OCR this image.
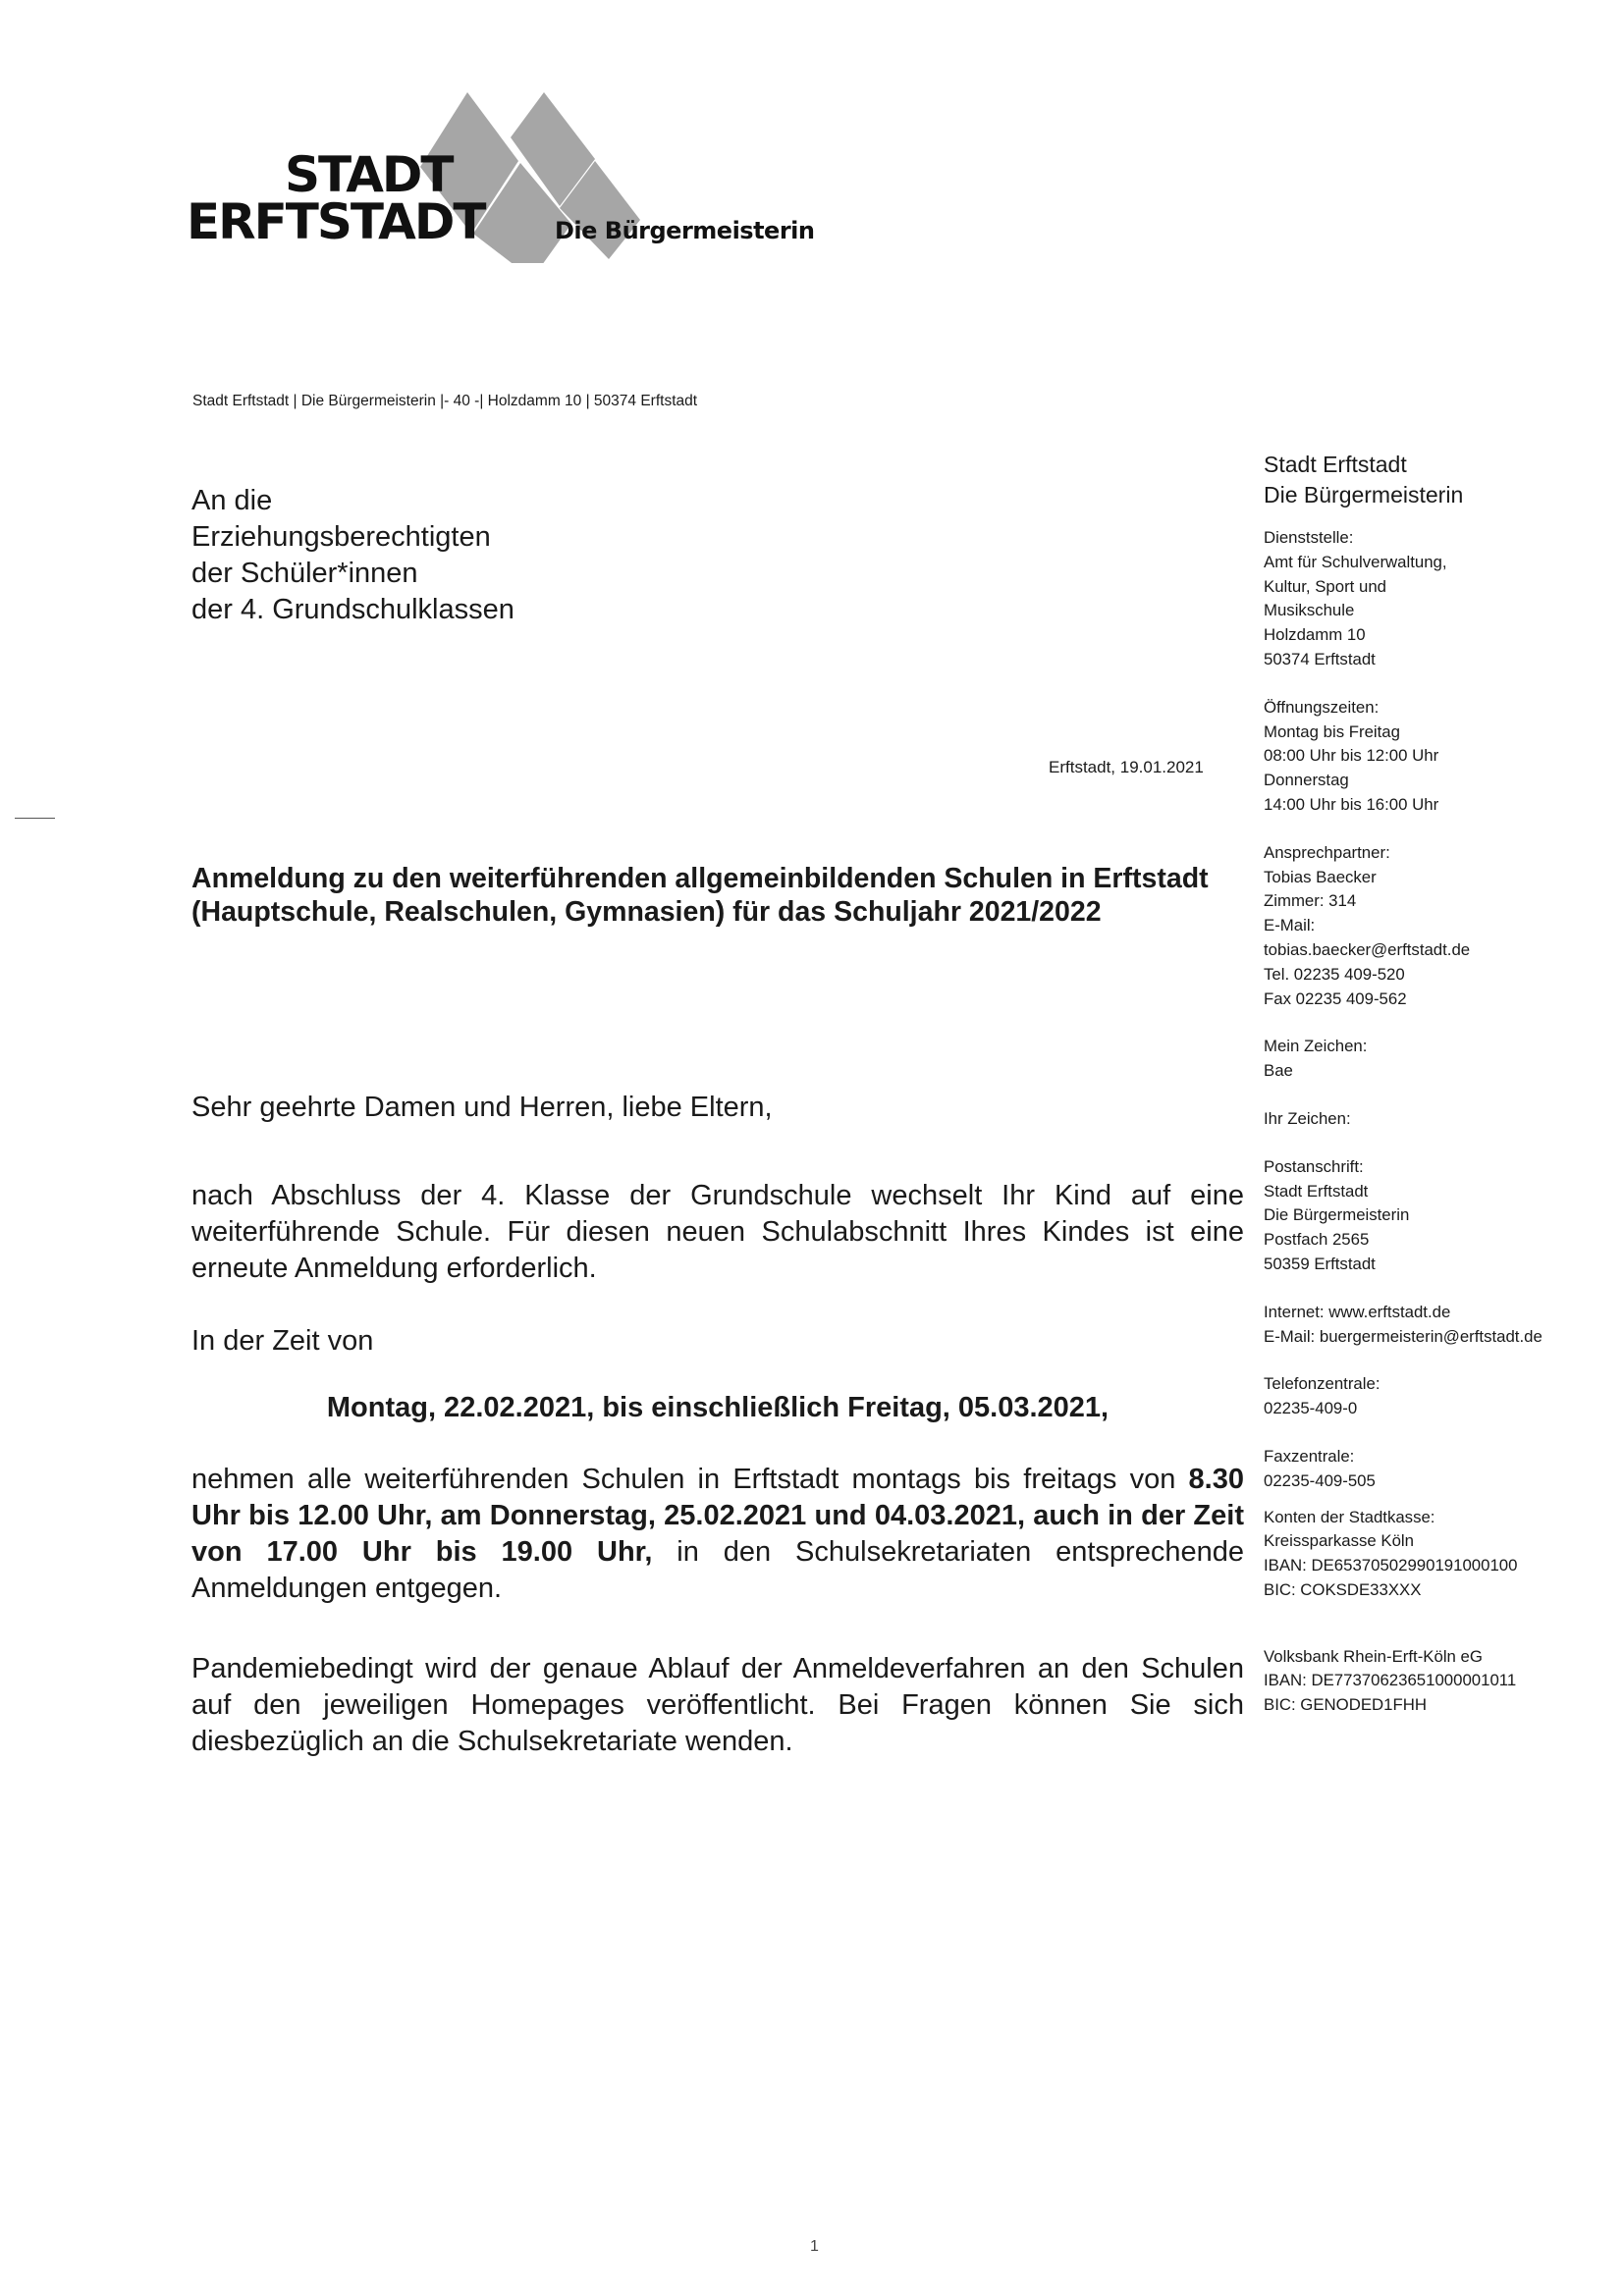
STADT
ERFTSTADT	Die Bürgermeisterin
Stadt Erftstadt | Die Bürgermeisterin |- 40 -| Holzdamm 10 | 50374 Erftstadt
An die
Erziehungsberechtigten
der Schüler*innen
der 4. Grundschulklassen
Erftstadt, 19.01.2021
Anmeldung zu den weiterführenden allgemeinbildenden Schulen in Erftstadt (Hauptschule, Realschulen, Gymnasien) für das Schuljahr 2021/2022
Sehr geehrte Damen und Herren, liebe Eltern,
nach Abschluss der 4. Klasse der Grundschule wechselt Ihr Kind auf eine weiterführende Schule. Für diesen neuen Schulabschnitt Ihres Kindes ist eine erneute Anmeldung erforderlich.
In der Zeit von
Montag, 22.02.2021, bis einschließlich Freitag, 05.03.2021,
nehmen alle weiterführenden Schulen in Erftstadt montags bis freitags von 8.30 Uhr bis 12.00 Uhr, am Donnerstag, 25.02.2021 und 04.03.2021, auch in der Zeit von 17.00 Uhr bis 19.00 Uhr, in den Schulsekretariaten entsprechende Anmeldungen entgegen.
Pandemiebedingt wird der genaue Ablauf der Anmeldeverfahren an den Schulen auf den jeweiligen Homepages veröffentlicht. Bei Fragen können Sie sich diesbezüglich an die Schulsekretariate wenden.
Stadt Erftstadt
Die Bürgermeisterin
Dienststelle:
Amt für Schulverwaltung,
Kultur, Sport und
Musikschule
Holzdamm 10
50374 Erftstadt
Öffnungszeiten:
Montag bis Freitag
08:00 Uhr bis 12:00 Uhr
Donnerstag
14:00 Uhr bis 16:00 Uhr
Ansprechpartner:
Tobias Baecker
Zimmer: 314
E-Mail:
tobias.baecker@erftstadt.de
Tel. 02235 409-520
Fax 02235 409-562
Mein Zeichen:
Bae
Ihr Zeichen:
Postanschrift:
Stadt Erftstadt
Die Bürgermeisterin
Postfach 2565
50359 Erftstadt
Internet: www.erftstadt.de
E-Mail: buergermeisterin@erftstadt.de
Telefonzentrale:
02235-409-0
Faxzentrale:
02235-409-505
Konten der Stadtkasse:
Kreissparkasse Köln
IBAN: DE65370502990191000100
BIC: COKSDE33XXX
Volksbank Rhein-Erft-Köln eG
IBAN: DE77370623651000001011
BIC: GENODED1FHH
1
